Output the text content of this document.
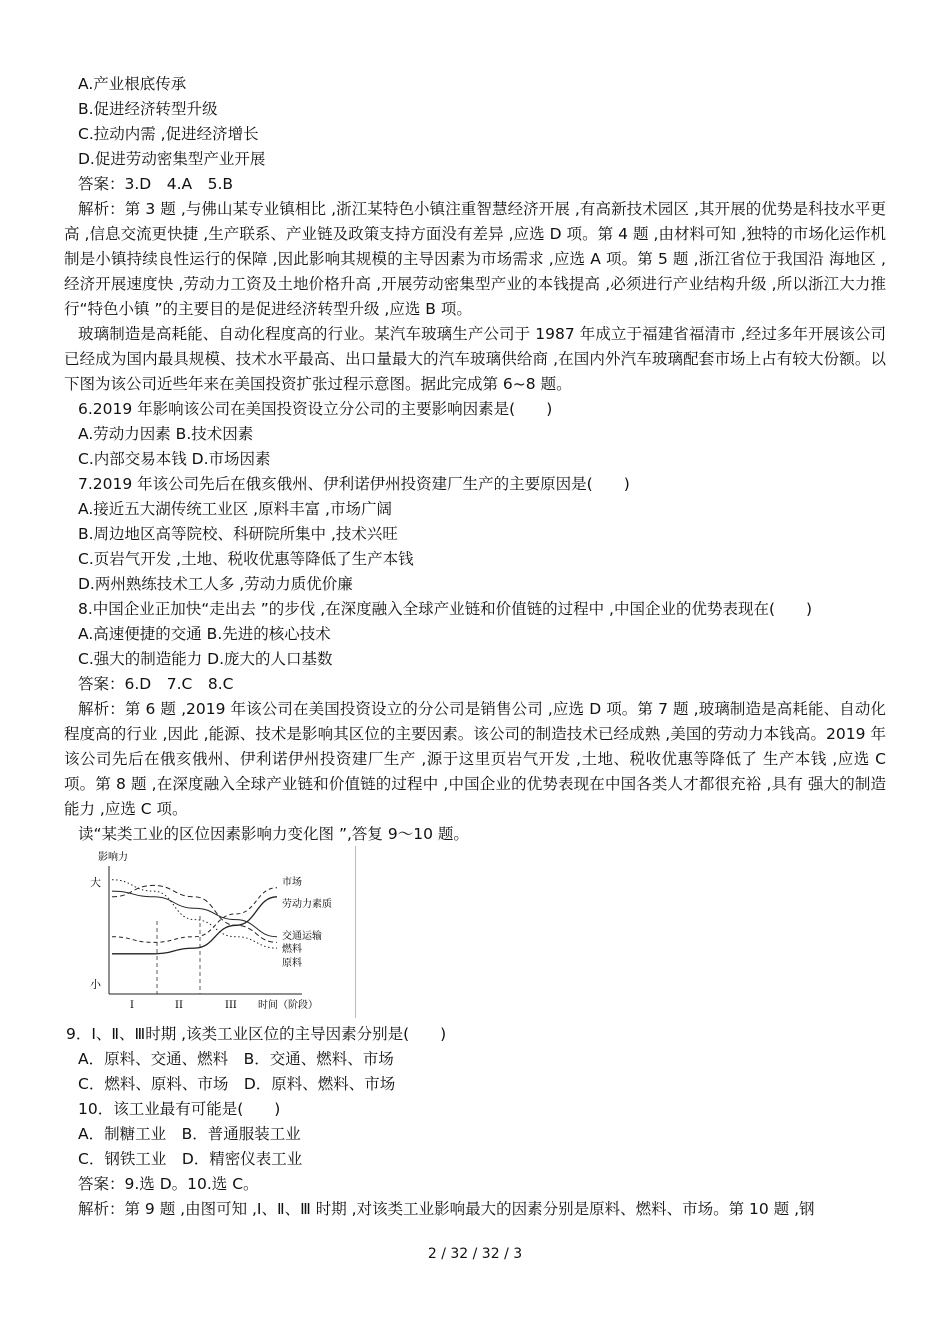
A.产业根底传承
B.促进经济转型升级
C.拉动内需 ,促进经济增长
D.促进劳动密集型产业开展
答案：3.D　4.A　5.B
解析：第 3 题 ,与佛山某专业镇相比 ,浙江某特色小镇注重智慧经济开展 ,有高新技术园区 ,其开展的优势是科技水平更高 ,信息交流更快捷 ,生产联系、产业链及政策支持方面没有差异 ,应选 D 项。第 4 题 ,由材料可知 ,独特的市场化运作机制是小镇持续良性运行的保障 ,因此影响其规模的主导因素为市场需求 ,应选 A 项。第 5 题 ,浙江省位于我国沿 海地区 ,经济开展速度快 ,劳动力工资及土地价格升高 ,开展劳动密集型产业的本钱提高 ,必须进行产业结构升级 ,所以浙江大力推行“特色小镇 ”的主要目的是促进经济转型升级 ,应选 B 项。
玻璃制造是高耗能、自动化程度高的行业。某汽车玻璃生产公司于 1987 年成立于福建省福清市 ,经过多年开展该公司已经成为国内最具规模、技术水平最高、出口量最大的汽车玻璃供给商 ,在国内外汽车玻璃配套市场上占有较大份额。以下图为该公司近些年来在美国投资扩张过程示意图。据此完成第 6~8 题。
6.2019 年影响该公司在美国投资设立分公司的主要影响因素是(　　)
A.劳动力因素 B.技术因素
C.内部交易本钱 D.市场因素
7.2019 年该公司先后在俄亥俄州、伊利诺伊州投资建厂生产的主要原因是(　　)
A.接近五大湖传统工业区 ,原料丰富 ,市场广阔
B.周边地区高等院校、科研院所集中 ,技术兴旺
C.页岩气开发 ,土地、税收优惠等降低了生产本钱
D.两州熟练技术工人多 ,劳动力质优价廉
8.中国企业正加快“走出去 ”的步伐 ,在深度融入全球产业链和价值链的过程中 ,中国企业的优势表现在(　　)
A.高速便捷的交通 B.先进的核心技术
C.强大的制造能力 D.庞大的人口基数
答案：6.D　7.C　8.C
解析：第 6 题 ,2019 年该公司在美国投资设立的分公司是销售公司 ,应选 D 项。第 7 题 ,玻璃制造是高耗能、自动化程度高的行业 ,因此 ,能源、技术是影响其区位的主要因素。该公司的制造技术已经成熟 ,美国的劳动力本钱高。2019 年该公司先后在俄亥俄州、伊利诺伊州投资建厂生产 ,源于这里页岩气开发 ,土地、税收优惠等降低了 生产本钱 ,应选 C 项。第 8 题 ,在深度融入全球产业链和价值链的过程中 ,中国企业的优势表现在中国各类人才都很充裕 ,具有 强大的制造能力 ,应选 C 项。
读“某类工业的区位因素影响力变化图 ”,答复 9～10 题。
影响力
大
小
I	II	III 时间（阶段）
市场
劳动力素质
交通运输
燃料
原料
9．Ⅰ、Ⅱ、Ⅲ时期 ,该类工业区位的主导因素分别是(　　)
A．原料、交通、燃料　B．交通、燃料、市场
C．燃料、原料、市场　D．原料、燃料、市场
10．该工业最有可能是(　　)
A．制糖工业　B．普通服装工业
C．钢铁工业　D．精密仪表工业
答案：9.选 D。10.选 C。
解析：第 9 题 ,由图可知 ,Ⅰ、Ⅱ、Ⅲ 时期 ,对该类工业影响最大的因素分别是原料、燃料、市场。第 10 题 ,钢
2 / 32 / 32 / 3
